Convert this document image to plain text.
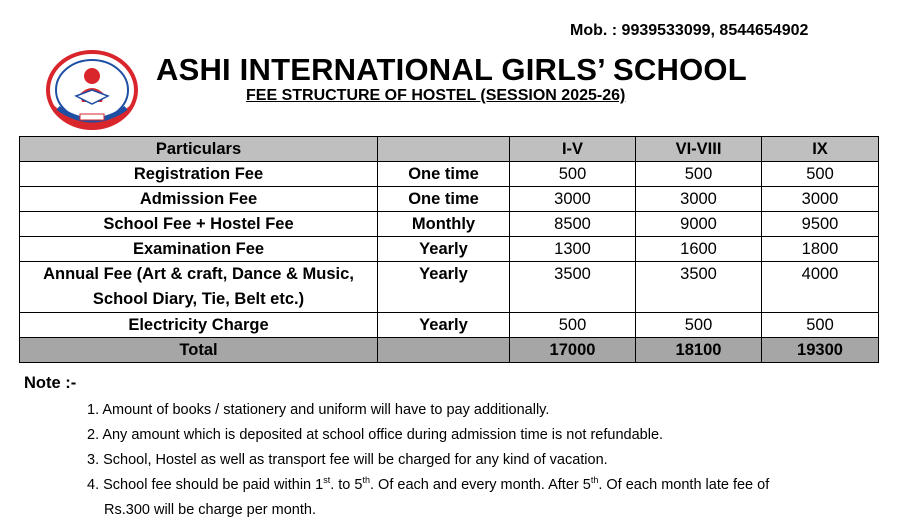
Mob. : 9939533099, 8544654902
ASHI INTERNATIONAL GIRLS’ SCHOOL
FEE STRUCTURE OF HOSTEL (SESSION 2025-26)
Particulars		I-V	VI-VIII	IX
Registration Fee	One time	500	500	500
Admission Fee	One time	3000	3000	3000
School Fee + Hostel Fee	Monthly	8500	9000	9500
Examination Fee	Yearly	1300	1600	1800
Annual Fee (Art & craft, Dance & Music, School Diary, Tie, Belt etc.)	Yearly	3500	3500	4000
Electricity Charge	Yearly	500	500	500
Total		17000	18100	19300
Note :-
1. Amount of books / stationery and uniform will have to pay additionally.
2. Any amount which is deposited at school office during admission time is not refundable.
3. School, Hostel as well as transport fee will be charged for any kind of vacation.
4. School fee should be paid within 1st. to 5th. Of each and every month. After 5th. Of each month late fee of
Rs.300 will be charge per month.
